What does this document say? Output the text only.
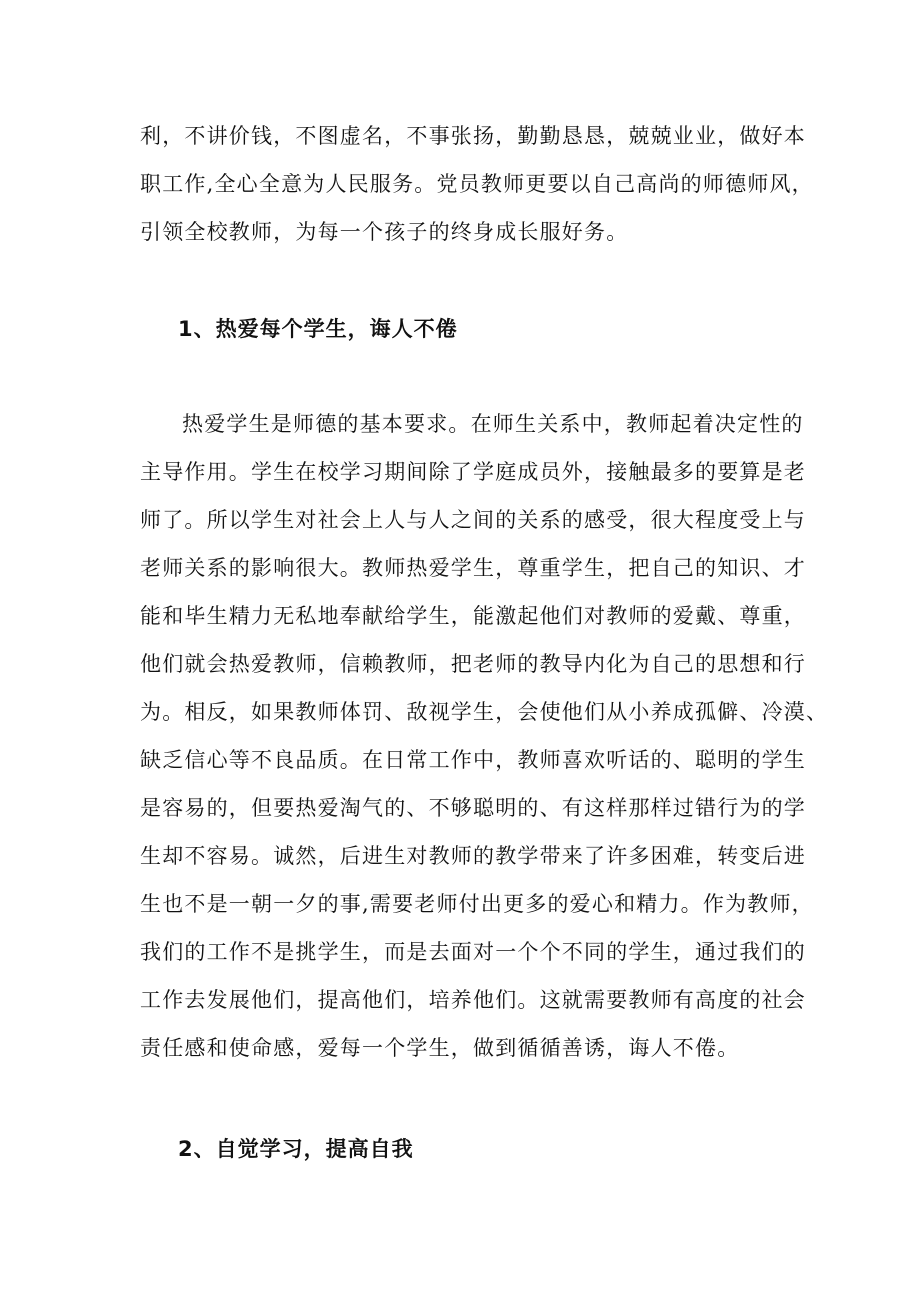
利，不讲价钱，不图虚名，不事张扬，勤勤恳恳，兢兢业业，做好本
职工作,全心全意为人民服务。党员教师更要以自己高尚的师德师风，
引领全校教师，为每一个孩子的终身成长服好务。

1、热爱每个学生，诲人不倦

热爱学生是师德的基本要求。在师生关系中，教师起着决定性的
主导作用。学生在校学习期间除了学庭成员外，接触最多的要算是老
师了。所以学生对社会上人与人之间的关系的感受，很大程度受上与
老师关系的影响很大。教师热爱学生，尊重学生，把自己的知识、才
能和毕生精力无私地奉献给学生，能激起他们对教师的爱戴、尊重，
他们就会热爱教师，信赖教师，把老师的教导内化为自己的思想和行
为。相反，如果教师体罚、敌视学生，会使他们从小养成孤僻、冷漠、
缺乏信心等不良品质。在日常工作中，教师喜欢听话的、聪明的学生
是容易的，但要热爱淘气的、不够聪明的、有这样那样过错行为的学
生却不容易。诚然，后进生对教师的教学带来了许多困难，转变后进
生也不是一朝一夕的事,需要老师付出更多的爱心和精力。作为教师，
我们的工作不是挑学生，而是去面对一个个不同的学生，通过我们的
工作去发展他们，提高他们，培养他们。这就需要教师有高度的社会
责任感和使命感，爱每一个学生，做到循循善诱，诲人不倦。

2、自觉学习，提高自我
